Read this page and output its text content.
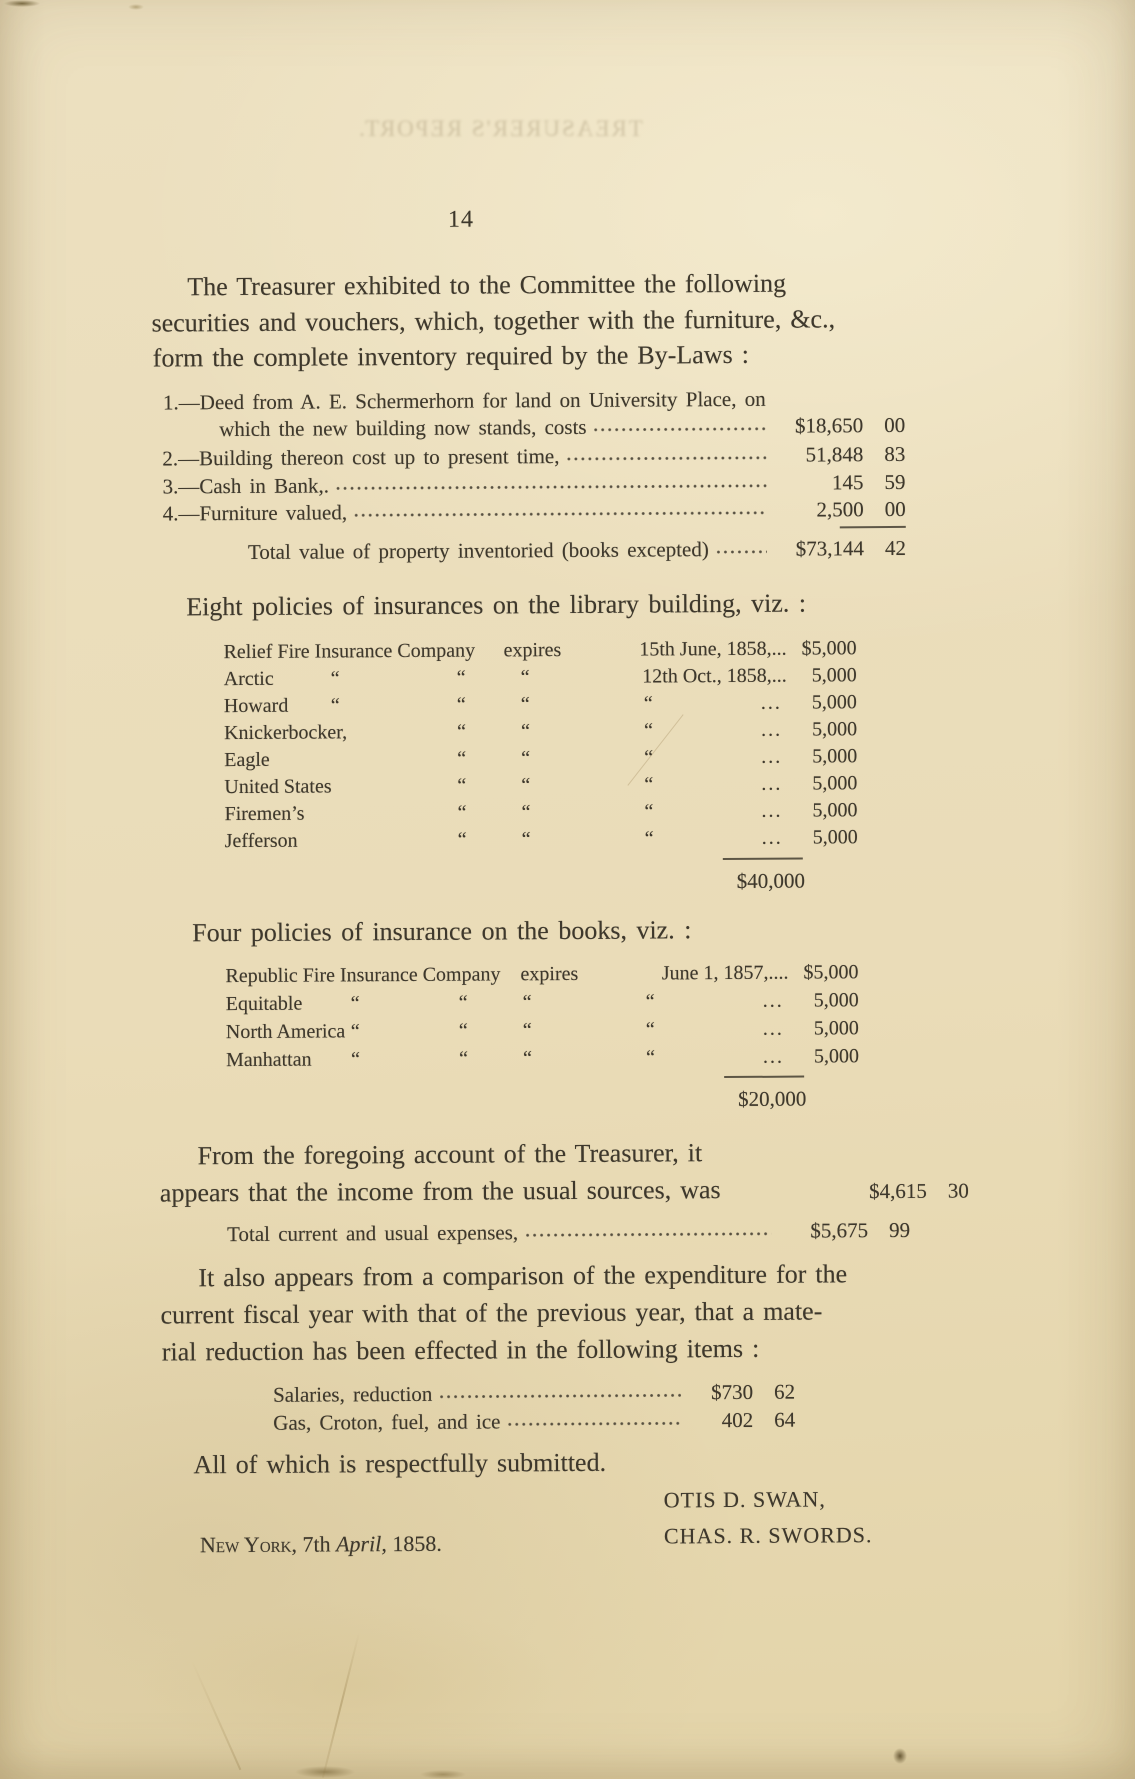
TREASURER'S REPORT.
14
The Treasurer exhibited to the Committee the following
securities and vouchers, which, together with the furniture, &c.,
form the complete inventory required by the By-Laws :
1.—Deed from A. E. Schermerhorn for land on University Place, on
which the new building now stands, costs	$18,650 00
2.—Building thereon cost up to present time,	51,848 83
3.—Cash in Bank,.	145 59
4.—Furniture valued,	2,500 00
Total value of property inventoried (books excepted)	$73,144 42
Eight policies of insurances on the library building, viz. :
Relief Fire Insurance Company expires	15th June, 1858,... $5,000
Arctic	“	“	“	12th Oct., 1858,... 5,000
Howard “	“	“	“	... 5,000
Knickerbocker,	“	“	“	... 5,000
Eagle	“	“	“	... 5,000
United States	“	“	“	... 5,000
Firemen’s	“	“	“	... 5,000
Jefferson	“	“	“	... 5,000
$40,000
Four policies of insurance on the books, viz. :
Republic Fire Insurance Company expires	June 1, 1857,.... $5,000
Equitable “	“	“	“	... 5,000
North America “	“	“	“	... 5,000
Manhattan “	“	“	“	... 5,000
$20,000
From the foregoing account of the Treasurer, it
appears that the income from the usual sources, was	$4,615 30
Total current and usual expenses,	$5,675 99
It also appears from a comparison of the expenditure for the
current fiscal year with that of the previous year, that a mate-
rial reduction has been effected in the following items :
Salaries, reduction	$730 62
Gas, Croton, fuel, and ice	402 64
All of which is respectfully submitted.
OTIS D. SWAN,
CHAS. R. SWORDS.
New York, 7th April, 1858.
